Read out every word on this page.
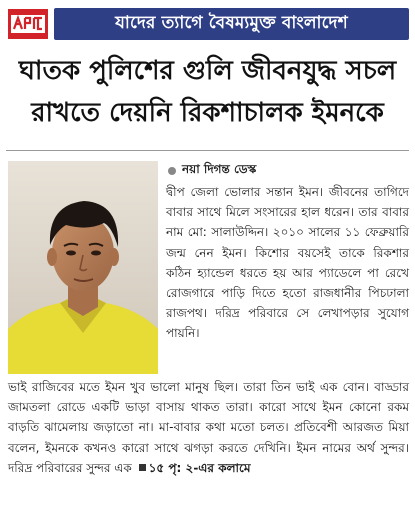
যাদের ত্যাগে বৈষম্যমুক্ত বাংলাদেশ
ঘাতক পুলিশের গুলি জীবনযুদ্ধ সচল
রাখতে দেয়নি রিকশাচালক ইমনকে
নয়া দিগন্ত ডেস্ক

দ্বীপ জেলা ভোলার সন্তান ইমন। জীবনের তাগিদে বাবার সাথে মিলে সংসারের হাল ধরেন। তার বাবার নাম মো: সালাউদ্দিন। ২০১০ সালের ১১ ফেব্রুয়ারি জন্ম নেন ইমন। কিশোর বয়সেই তাকে রিকশার কঠিন হ্যান্ডেল ধরতে হয় আর প্যাডেলে পা রেখে রোজগারে পাড়ি দিতে হতো রাজধানীর পিচঢালা রাজপথ। দরিদ্র পরিবারে সে লেখাপড়ার সুযোগ পায়নি।

ভাই রাজিবের মতে ইমন খুব ভালো মানুষ ছিল। তারা তিন ভাই এক বোন। বাড্ডার জামতলা রোডে একটি ভাড়া বাসায় থাকত তারা। কারো সাথে ইমন কোনো রকম বাড়তি ঝামেলায় জড়াতো না। মা-বাবার কথা মতো চলত। প্রতিবেশী আরজত মিয়া বলেন, ইমনকে কখনও কারো সাথে ঝগড়া করতে দেখিনি। ইমন নামের অর্থ সুন্দর। দরিদ্র পরিবারের সুন্দর এক ১৫ পৃ: ২-এর কলামে
